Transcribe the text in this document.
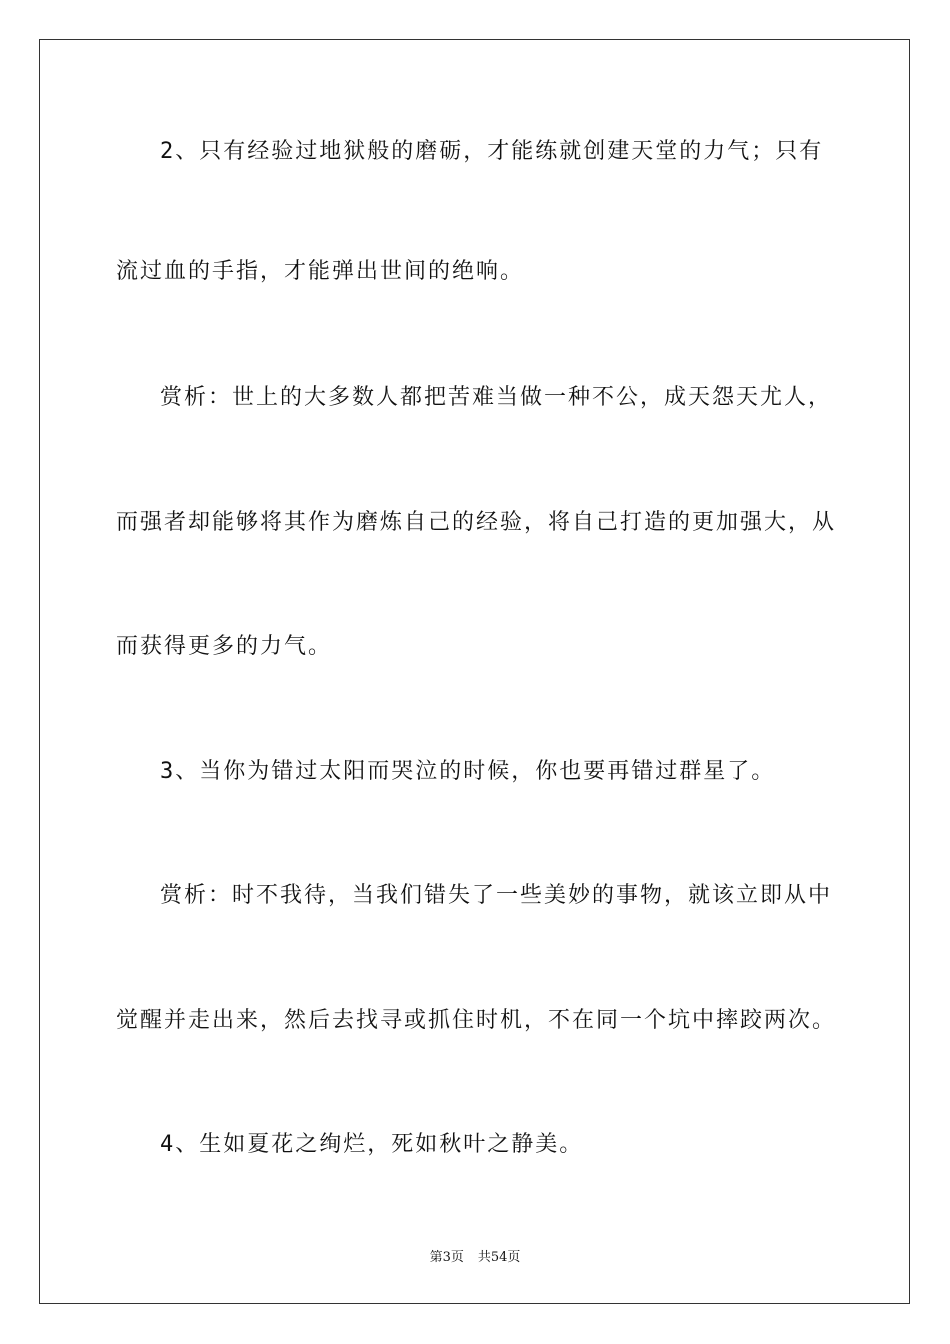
2、只有经验过地狱般的磨砺，才能练就创建天堂的力气；只有

流过血的手指，才能弹出世间的绝响。

赏析：世上的大多数人都把苦难当做一种不公，成天怨天尤人，

而强者却能够将其作为磨炼自己的经验，将自己打造的更加强大，从

而获得更多的力气。

3、当你为错过太阳而哭泣的时候，你也要再错过群星了。

赏析：时不我待，当我们错失了一些美妙的事物，就该立即从中

觉醒并走出来，然后去找寻或抓住时机，不在同一个坑中摔跤两次。

4、生如夏花之绚烂，死如秋叶之静美。

第3页 共54页
